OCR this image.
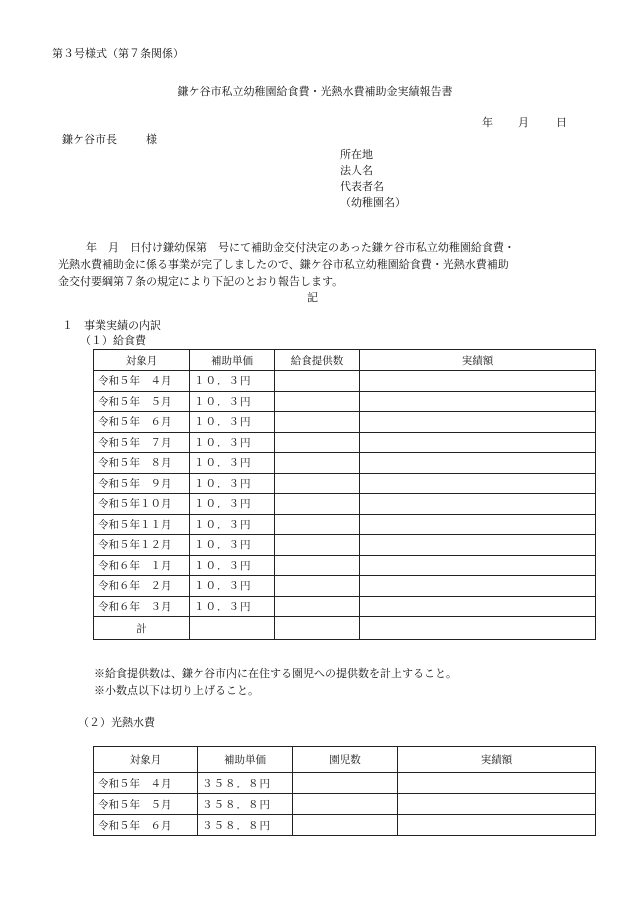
第３号様式（第７条関係）
鎌ケ谷市私立幼稚園給食費・光熱水費補助金実績報告書
年 月 日
鎌ケ谷市長	様
所在地
法人名
代表者名
（幼稚園名）
年　月　日付け鎌幼保第　号にて補助金交付決定のあった鎌ケ谷市私立幼稚園給食費・
光熱水費補助金に係る事業が完了しましたので、鎌ケ谷市私立幼稚園給食費・光熱水費補助
金交付要綱第７条の規定により下記のとおり報告します。
記
１　事業実績の内訳
（１）給食費
対象月	補助単価	給食提供数	実績額
令和５年　４月	１０．３円		
令和５年　５月	１０．３円		
令和５年　６月	１０．３円		
令和５年　７月	１０．３円		
令和５年　８月	１０．３円		
令和５年　９月	１０．３円		
令和５年１０月	１０．３円		
令和５年１１月	１０．３円		
令和５年１２月	１０．３円		
令和６年　１月	１０．３円		
令和６年　２月	１０．３円		
令和６年　３月	１０．３円		
計			
※給食提供数は、鎌ケ谷市内に在住する園児への提供数を計上すること。
※小数点以下は切り上げること。
（２）光熱水費
対象月	補助単価	園児数	実績額
令和５年　４月	３５８．８円		
令和５年　５月	３５８．８円		
令和５年　６月	３５８．８円		
